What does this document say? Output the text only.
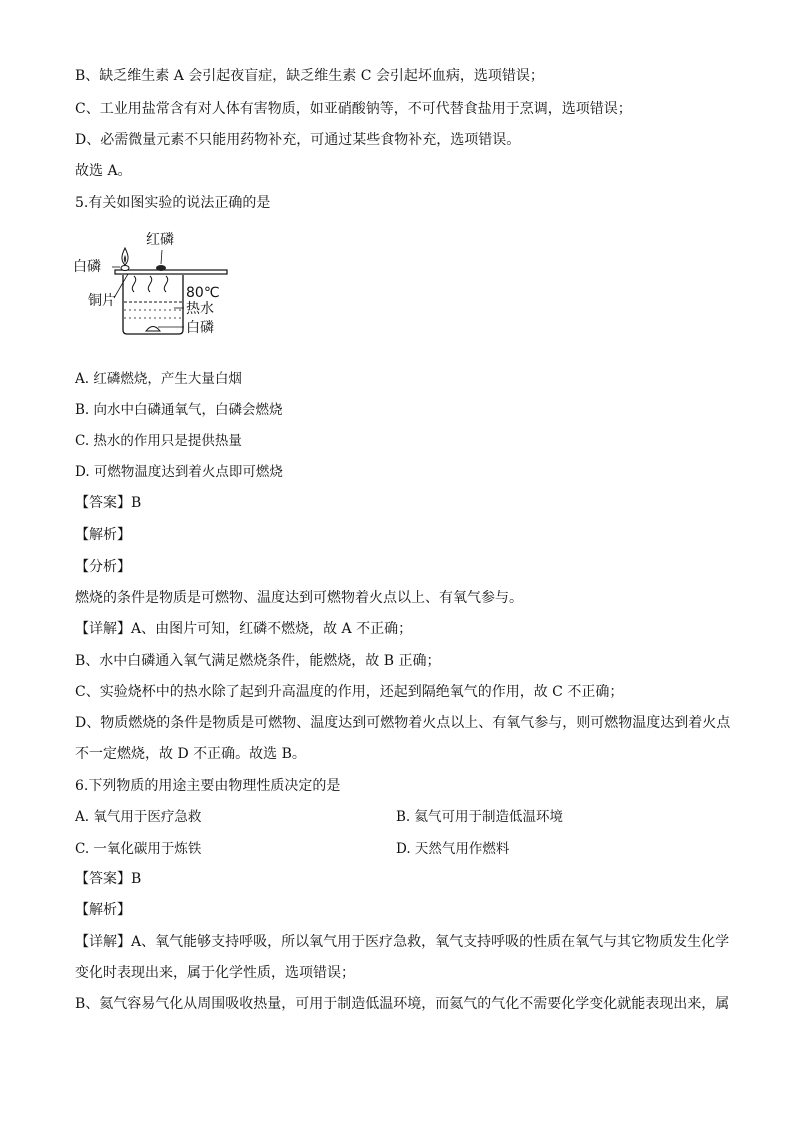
B、缺乏维生素 A 会引起夜盲症，缺乏维生素 C 会引起坏血病，选项错误；
C、工业用盐常含有对人体有害物质，如亚硝酸钠等，不可代替食盐用于烹调，选项错误；
D、必需微量元素不只能用药物补充，可通过某些食物补充，选项错误。
故选 A。
5.有关如图实验的说法正确的是
红磷
白磷
铜片	80℃
热水
白磷
A. 红磷燃烧，产生大量白烟
B. 向水中白磷通氧气，白磷会燃烧
C. 热水的作用只是提供热量
D. 可燃物温度达到着火点即可燃烧
【答案】B
【解析】
【分析】
燃烧的条件是物质是可燃物、温度达到可燃物着火点以上、有氧气参与。
【详解】A、由图片可知，红磷不燃烧，故 A 不正确；
B、水中白磷通入氧气满足燃烧条件，能燃烧，故 B 正确；
C、实验烧杯中的热水除了起到升高温度的作用，还起到隔绝氧气的作用，故 C 不正确；
D、物质燃烧的条件是物质是可燃物、温度达到可燃物着火点以上、有氧气参与，则可燃物温度达到着火点
不一定燃烧，故 D 不正确。故选 B。
6.下列物质的用途主要由物理性质决定的是
A. 氧气用于医疗急救	B. 氦气可用于制造低温环境
C. 一氧化碳用于炼铁	D. 天然气用作燃料
【答案】B
【解析】
【详解】A、氧气能够支持呼吸，所以氧气用于医疗急救，氧气支持呼吸的性质在氧气与其它物质发生化学
变化时表现出来，属于化学性质，选项错误；
B、氦气容易气化从周围吸收热量，可用于制造低温环境，而氦气的气化不需要化学变化就能表现出来，属
